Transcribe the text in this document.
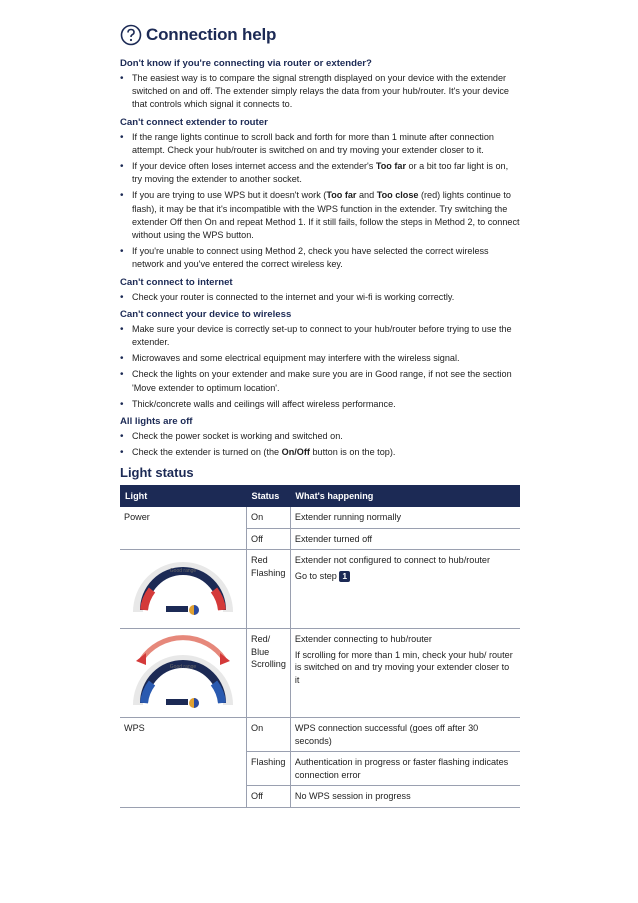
Connection help
Don't know if you're connecting via router or extender?
• The easiest way is to compare the signal strength displayed on your device with the extender switched on and off. The extender simply relays the data from your hub/router. It's your device that controls which signal it connects to.
Can't connect extender to router
• If the range lights continue to scroll back and forth for more than 1 minute after connection attempt. Check your hub/router is switched on and try moving your extender closer to it.
• If your device often loses internet access and the extender's Too far or a bit too far light is on, try moving the extender to another socket.
• If you are trying to use WPS but it doesn't work (Too far and Too close (red) lights continue to flash), it may be that it's incompatible with the WPS function in the extender. Try switching the extender Off then On and repeat Method 1. If it still fails, follow the steps in Method 2, to connect without using the WPS button.
• If you're unable to connect using Method 2, check you have selected the correct wireless network and you've entered the correct wireless key.
Can't connect to internet
• Check your router is connected to the internet and your wi-fi is working correctly.
Can't connect your device to wireless
• Make sure your device is correctly set-up to connect to your hub/router before trying to use the extender.
• Microwaves and some electrical equipment may interfere with the wireless signal.
• Check the lights on your extender and make sure you are in Good range, if not see the section 'Move extender to optimum location'.
• Thick/concrete walls and ceilings will affect wireless performance.
All lights are off
• Check the power socket is working and switched on.
• Check the extender is turned on (the On/Off button is on the top).
Light status
Light	Status	What's happening
Power	On	Extender running normally
	Off	Extender turned off

Good range	Red Flashing	Extender not configured to connect to hub/router
Go to step 1

Good range	Red/ Blue Scrolling	Extender connecting to hub/router
If scrolling for more than 1 min, check your hub/ router is switched on and try moving your extender closer to it

WPS	On	WPS connection successful (goes off after 30 seconds)
	Flashing	Authentication in progress or faster flashing indicates connection error
	Off	No WPS session in progress
